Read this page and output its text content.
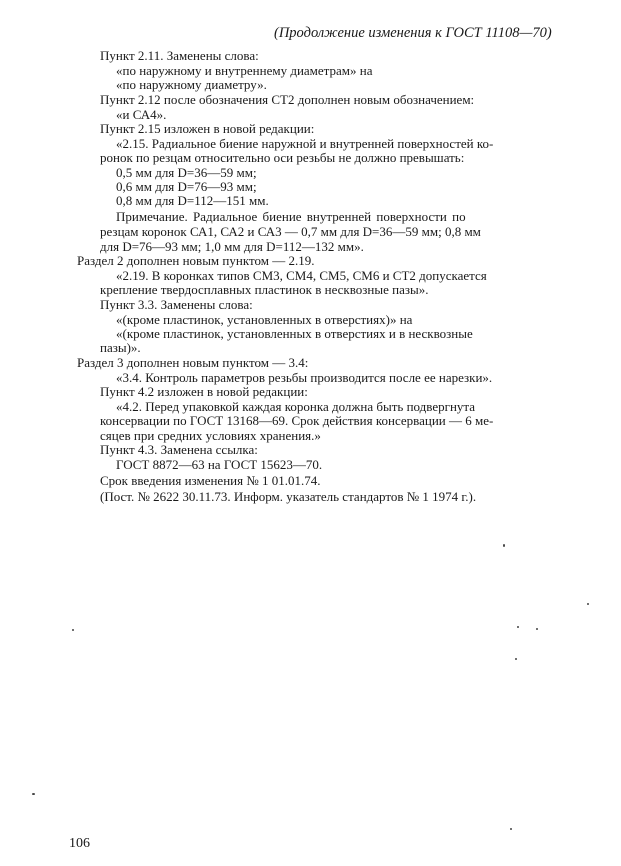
(Продолжение изменения к ГОСТ 11108—70)
Пункт 2.11. Заменены слова:
«по наружному и внутреннему диаметрам» на
«по наружному диаметру».
Пункт 2.12 после обозначения СТ2 дополнен новым обозначением:
«и СА4».
Пункт 2.15 изложен в новой редакции:
«2.15. Радиальное биение наружной и внутренней поверхностей ко-
ронок по резцам относительно оси резьбы не должно превышать:
0,5 мм для D=36—59 мм;
0,6 мм для D=76—93 мм;
0,8 мм для D=112—151 мм.
Примечание. Радиальное биение внутренней поверхности по
резцам коронок СА1, СА2 и СА3 — 0,7 мм для D=36—59 мм; 0,8 мм
для D=76—93 мм; 1,0 мм для D=112—132 мм».
Раздел 2 дополнен новым пунктом — 2.19.
«2.19. В коронках типов СМ3, СМ4, СМ5, СМ6 и СТ2 допускается
крепление твердосплавных пластинок в несквозные пазы».
Пункт 3.3. Заменены слова:
«(кроме пластинок, установленных в отверстиях)» на
«(кроме пластинок, установленных в отверстиях и в несквозные
пазы)».
Раздел 3 дополнен новым пунктом — 3.4:
«3.4. Контроль параметров резьбы производится после ее нарезки».
Пункт 4.2 изложен в новой редакции:
«4.2. Перед упаковкой каждая коронка должна быть подвергнута
консервации по ГОСТ 13168—69. Срок действия консервации — 6 ме-
сяцев при средних условиях хранения.»
Пункт 4.3. Заменена ссылка:
ГОСТ 8872—63 на ГОСТ 15623—70.
Срок введения изменения № 1 01.01.74.
(Пост. № 2622 30.11.73. Информ. указатель стандартов № 1 1974 г.).
106
